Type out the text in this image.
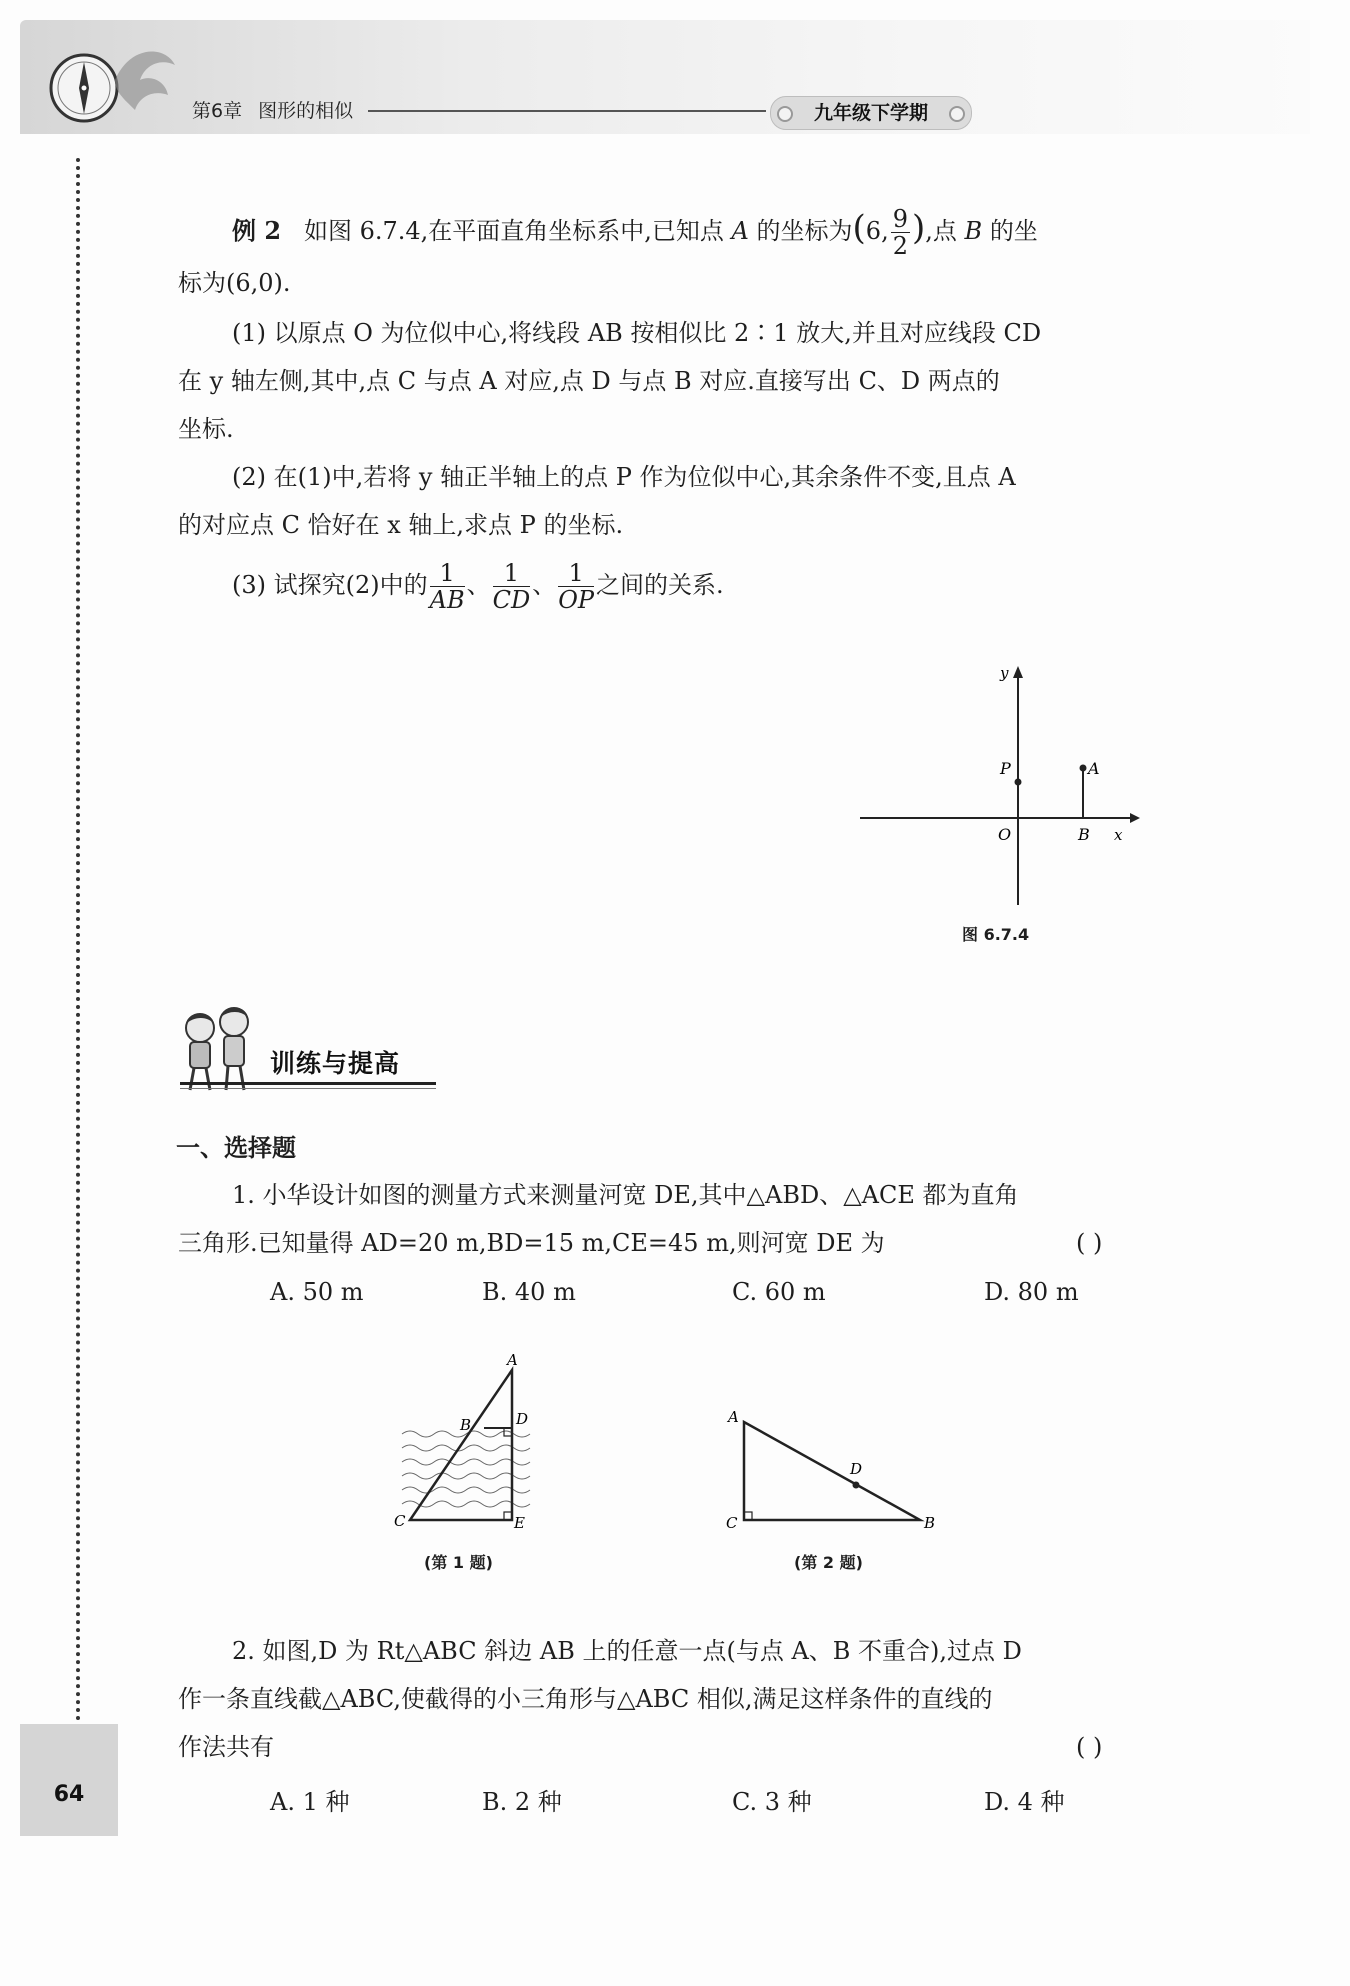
第6章 图形的相似	九年级下学期
64
例 2 如图 6.7.4,在平面直角坐标系中,已知点 A 的坐标为(6, $\frac{9}{2}$ ),点 B 的坐
标为(6,0).
(1) 以原点 O 为位似中心,将线段 AB 按相似比 2∶1 放大,并且对应线段 CD
在 y 轴左侧,其中,点 C 与点 A 对应,点 D 与点 B 对应.直接写出 C、D 两点的
坐标.
(2) 在(1)中,若将 y 轴正半轴上的点 P 作为位似中心,其余条件不变,且点 A
的对应点 C 恰好在 x 轴上,求点 P 的坐标.
(3) 试探究(2)中的 $\frac{1}{AB}$ 、 $\frac{1}{CD}$ 、 $\frac{1}{OP}$ 之间的关系.
y
P	A
O	B x
图 6.7.4
训练与提高
一、选择题
1. 小华设计如图的测量方式来测量河宽 DE,其中△ABD、△ACE 都为直角
三角形.已知量得 AD=20 m,BD=15 m,CE=45 m,则河宽 DE 为	( )
A. 50 m	B. 40 m	C. 60 m	D. 80 m
A
B	D
C	E
(第 1 题)
A
C	B
D
(第 2 题)
2. 如图,D 为 Rt△ABC 斜边 AB 上的任意一点(与点 A、B 不重合),过点 D
作一条直线截△ABC,使截得的小三角形与△ABC 相似,满足这样条件的直线的
作法共有	( )
A. 1 种	B. 2 种	C. 3 种	D. 4 种
